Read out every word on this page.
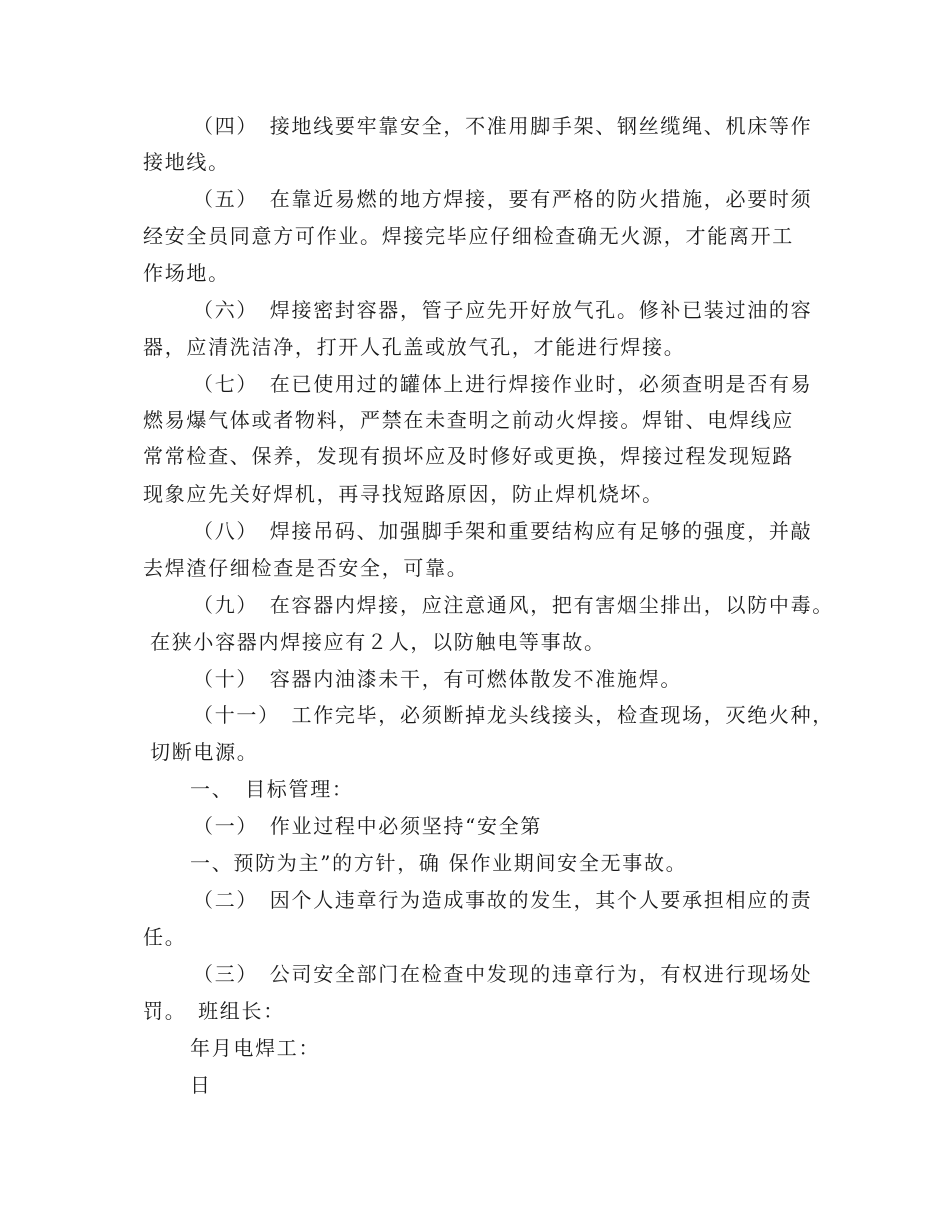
（四）　接地线要牢靠安全，不准用脚手架、钢丝缆绳、机床等作
接地线。
（五）　在靠近易燃的地方焊接，要有严格的防火措施，必要时须
经安全员同意方可作业。焊接完毕应仔细检查确无火源，才能离开工
作场地。
（六）　焊接密封容器，管子应先开好放气孔。修补已装过油的容
器，应清洗洁净，打开人孔盖或放气孔，才能进行焊接。
（七）　在已使用过的罐体上进行焊接作业时，必须查明是否有易
燃易爆气体或者物料，严禁在未查明之前动火焊接。焊钳、电焊线应
常常检查、保养，发现有损坏应及时修好或更换，焊接过程发现短路
现象应先关好焊机，再寻找短路原因，防止焊机烧坏。
（八）　焊接吊码、加强脚手架和重要结构应有足够的强度，并敲
去焊渣仔细检查是否安全，可靠。
（九）　在容器内焊接，应注意通风，把有害烟尘排出，以防中毒。
在狭小容器内焊接应有２人，以防触电等事故。
（十）　容器内油漆未干，有可燃体散发不准施焊。
（十一）　工作完毕，必须断掉龙头线接头，检查现场，灭绝火种，
切断电源。
一、　目标管理：
（一）　作业过程中必须坚持“安全第
一、预防为主”的方针，确 保作业期间安全无事故。
（二）　因个人违章行为造成事故的发生，其个人要承担相应的责
任。
（三）　公司安全部门在检查中发现的违章行为，有权进行现场处
罚。　班组长：
年月电焊工：
日
